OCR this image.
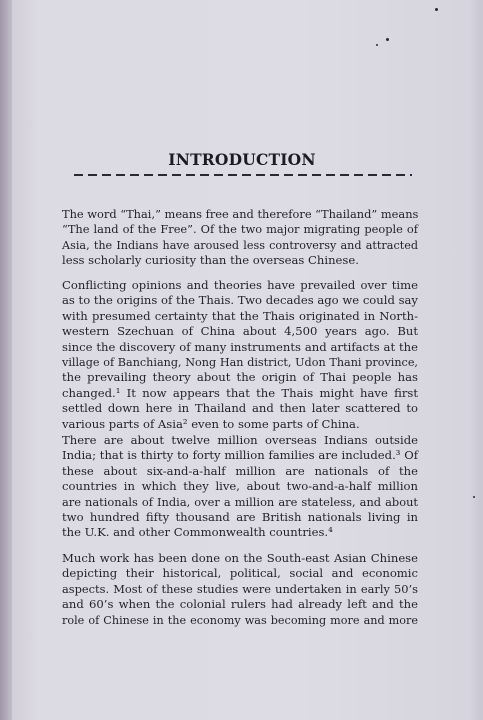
INTRODUCTION
The word “Thai,” means free and therefore “Thailand” means
“The land of the Free”. Of the two major migrating people of
Asia, the Indians have aroused less controversy and attracted
less scholarly curiosity than the overseas Chinese.
Conflicting opinions and theories have prevailed over time
as to the origins of the Thais. Two decades ago we could say
with presumed certainty that the Thais originated in North-
western Szechuan of China about 4,500 years ago. But
since the discovery of many instruments and artifacts at the
village of Banchiang, Nong Han district, Udon Thani province,
the prevailing theory about the origin of Thai people has
changed.¹ It now appears that the Thais might have first
settled down here in Thailand and then later scattered to
various parts of Asia² even to some parts of China.
There are about twelve million overseas Indians outside
India; that is thirty to forty million families are included.³ Of
these about six-and-a-half million are nationals of the
countries in which they live, about two-and-a-half million
are nationals of India, over a million are stateless, and about
two hundred fifty thousand are British nationals living in
the U.K. and other Commonwealth countries.⁴
Much work has been done on the South-east Asian Chinese
depicting their historical, political, social and economic
aspects. Most of these studies were undertaken in early 50’s
and 60’s when the colonial rulers had already left and the
role of Chinese in the economy was becoming more and more
